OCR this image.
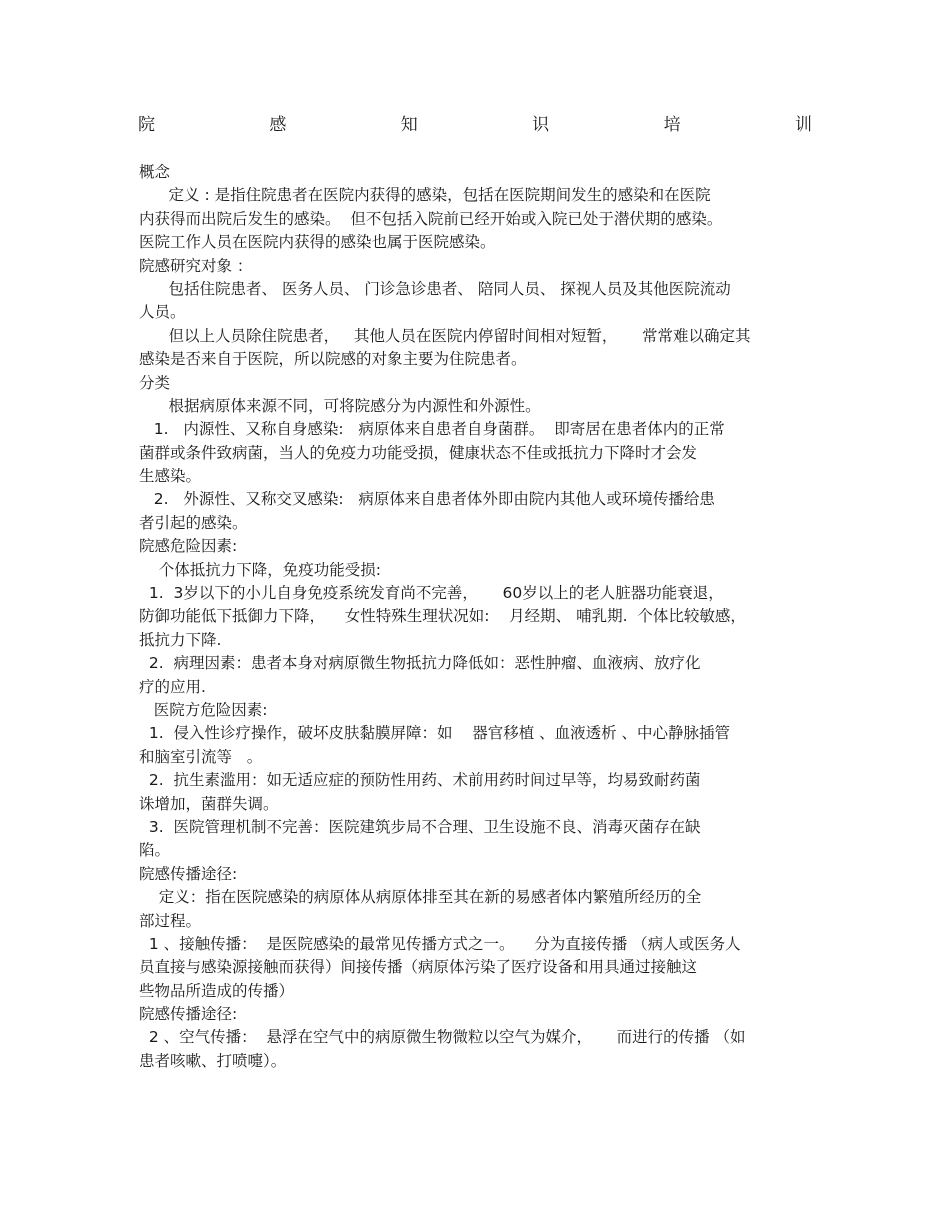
院	感	知	识	培	训
概念
定义 : 是指住院患者在医院内获得的感染，包括在医院期间发生的感染和在医院
内获得而出院后发生的感染。  但不包括入院前已经开始或入院已处于潜伏期的感染。
医院工作人员在医院内获得的感染也属于医院感染。
院感研究对象 ：
包括住院患者、 医务人员、 门诊急诊患者、 陪同人员、 探视人员及其他医院流动
人员。
但以上人员除住院患者，   其他人员在医院内停留时间相对短暂，     常常难以确定其
感染是否来自于医院，所以院感的对象主要为住院患者。
分类
根据病原体来源不同，可将院感分为内源性和外源性。
1.   内源性、又称自身感染:   病原体来自患者自身菌群。  即寄居在患者体内的正常
菌群或条件致病菌，当人的免疫力功能受损，健康状态不佳或抵抗力下降时才会发
生感染。
2.   外源性、又称交叉感染:   病原体来自患者体外即由院内其他人或环境传播给患
者引起的感染。
院感危险因素:
个体抵抗力下降，免疫功能受损:
1.  3岁以下的小儿自身免疫系统发育尚不完善，     60岁以上的老人脏器功能衰退，
防御功能低下抵御力下降，    女性特殊生理状况如:    月经期、 哺乳期.  个体比较敏感，
抵抗力下降.
2.  病理因素：患者本身对病原微生物抵抗力降低如：恶性肿瘤、血液病、放疗化
疗的应用.
医院方危险因素:
1.  侵入性诊疗操作，破坏皮肤黏膜屏障：如    器官移植 、血液透析 、中心静脉插管
和脑室引流等   。
2.  抗生素滥用：如无适应症的预防性用药、术前用药时间过早等，均易致耐药菌
诛增加，菌群失调。
3.  医院管理机制不完善：医院建筑步局不合理、卫生设施不良、消毒灭菌存在缺
陷。
院感传播途径:
定义：指在医院感染的病原体从病原体排至其在新的易感者体内繁殖所经历的全
部过程。
1 、接触传播：  是医院感染的最常见传播方式之一。    分为直接传播 （病人或医务人
员直接与感染源接触而获得）间接传播（病原体污染了医疗设备和用具通过接触这
些物品所造成的传播）
院感传播途径:
2 、空气传播：  悬浮在空气中的病原微生物微粒以空气为媒介，     而进行的传播 （如
患者咳嗽、打喷嚏）。
